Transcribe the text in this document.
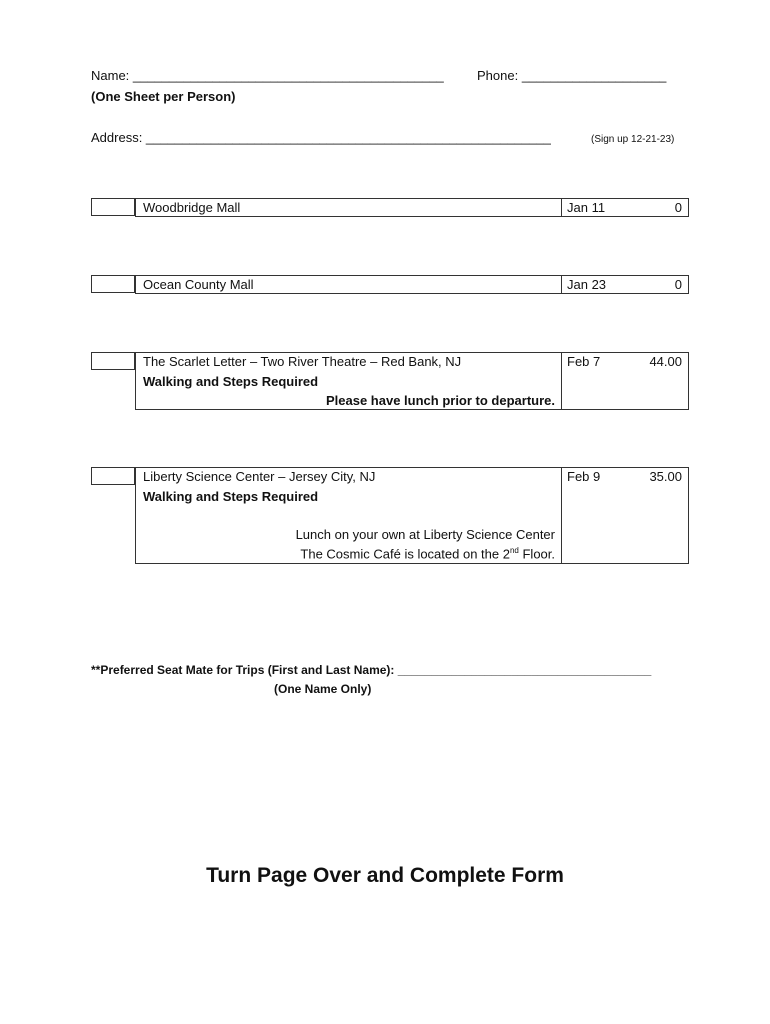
Name: ___________________________________________	Phone: ____________________
(One Sheet per Person)
Address: ________________________________________________________	(Sign up 12-21-23)
Woodbridge Mall	Jan 11	0
Ocean County Mall	Jan 23	0
The Scarlet Letter – Two River Theatre – Red Bank, NJ
Walking and Steps Required
Please have lunch prior to departure.
Feb 7	44.00
Liberty Science Center – Jersey City, NJ
Walking and Steps Required
Lunch on your own at Liberty Science Center
The Cosmic Café is located on the 2nd Floor.
Feb 9	35.00
**Preferred Seat Mate for Trips (First and Last Name): ______________________________________
(One Name Only)
Turn Page Over and Complete Form
